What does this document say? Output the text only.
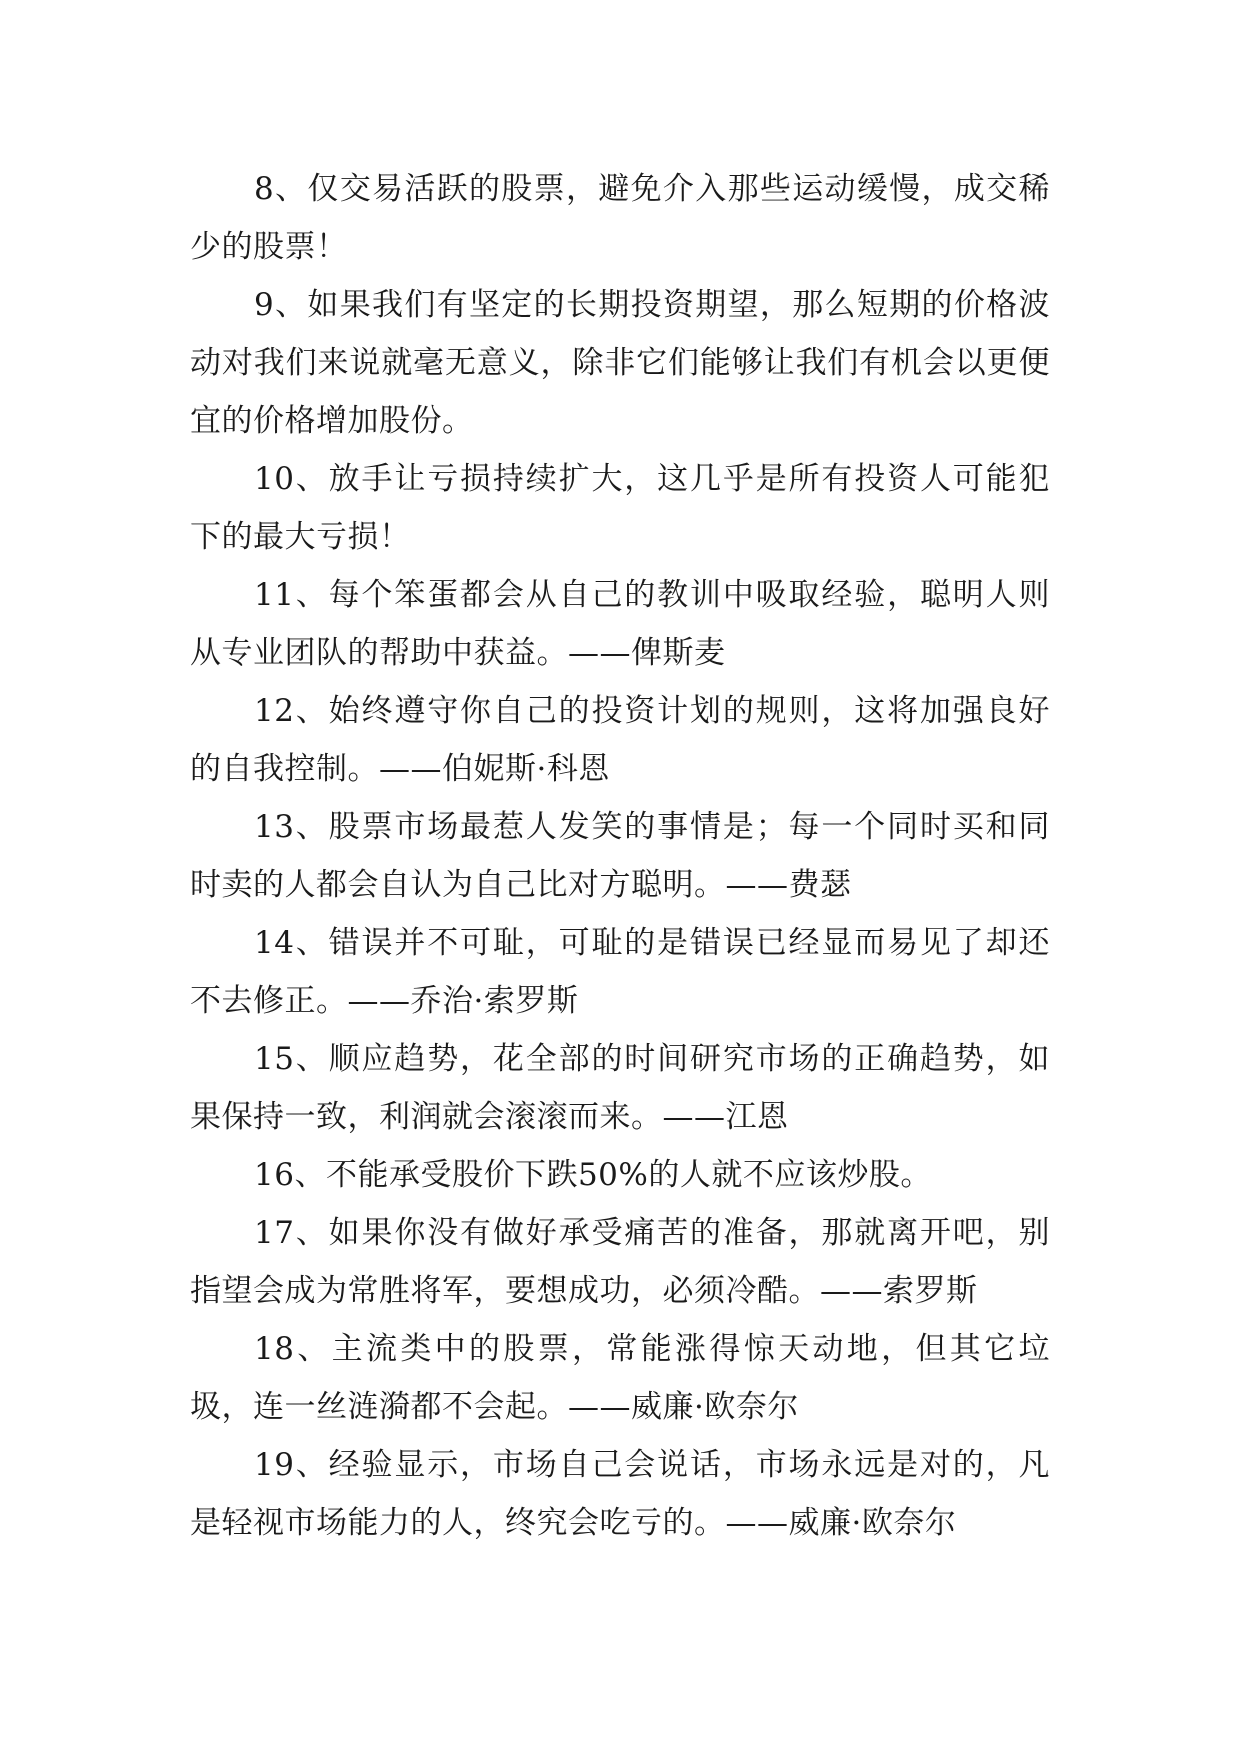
8、仅交易活跃的股票，避免介入那些运动缓慢，成交稀少的股票！

9、如果我们有坚定的长期投资期望，那么短期的价格波动对我们来说就毫无意义，除非它们能够让我们有机会以更便宜的价格增加股份。

10、放手让亏损持续扩大，这几乎是所有投资人可能犯下的最大亏损！

11、每个笨蛋都会从自己的教训中吸取经验，聪明人则从专业团队的帮助中获益。——俾斯麦

12、始终遵守你自己的投资计划的规则，这将加强良好的自我控制。——伯妮斯·科恩

13、股票市场最惹人发笑的事情是；每一个同时买和同时卖的人都会自认为自己比对方聪明。——费瑟

14、错误并不可耻，可耻的是错误已经显而易见了却还不去修正。——乔治·索罗斯

15、顺应趋势，花全部的时间研究市场的正确趋势，如果保持一致，利润就会滚滚而来。——江恩

16、不能承受股价下跌50%的人就不应该炒股。

17、如果你没有做好承受痛苦的准备，那就离开吧，别指望会成为常胜将军，要想成功，必须冷酷。——索罗斯

18、主流类中的股票，常能涨得惊天动地，但其它垃圾，连一丝涟漪都不会起。——威廉·欧奈尔

19、经验显示，市场自己会说话，市场永远是对的，凡是轻视市场能力的人，终究会吃亏的。——威廉·欧奈尔
